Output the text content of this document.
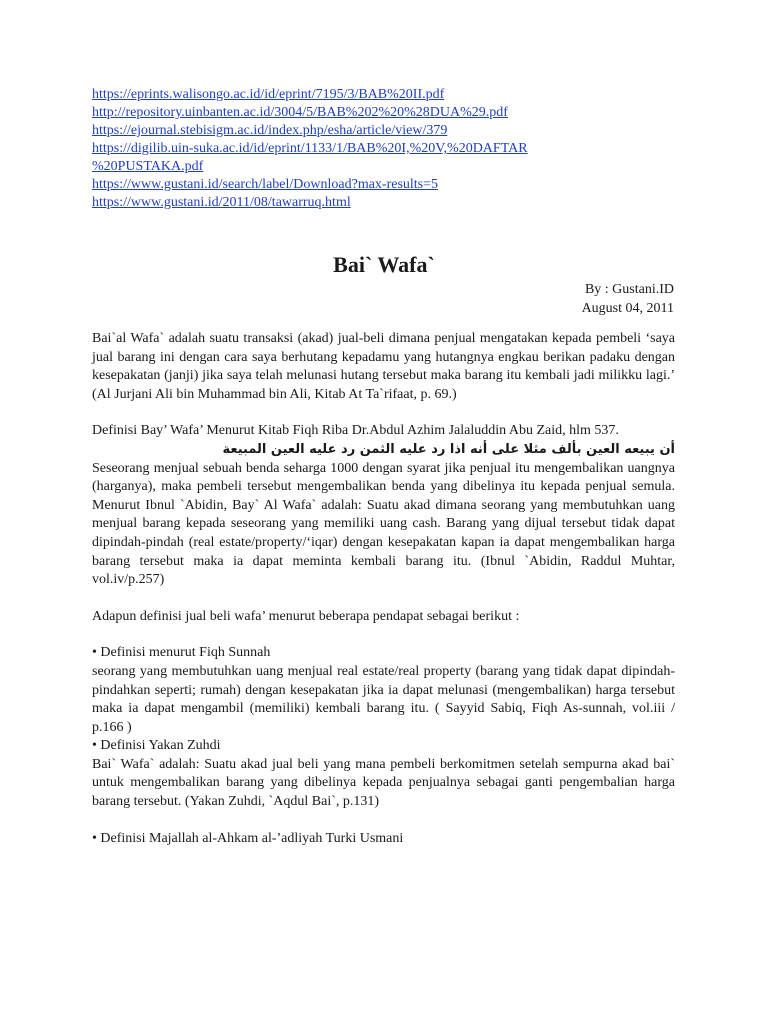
https://eprints.walisongo.ac.id/id/eprint/7195/3/BAB%20II.pdf
http://repository.uinbanten.ac.id/3004/5/BAB%202%20%28DUA%29.pdf
https://ejournal.stebisigm.ac.id/index.php/esha/article/view/379
https://digilib.uin-suka.ac.id/id/eprint/1133/1/BAB%20I,%20V,%20DAFTAR
%20PUSTAKA.pdf
https://www.gustani.id/search/label/Download?max-results=5
https://www.gustani.id/2011/08/tawarruq.html
Bai` Wafa`
By : Gustani.ID
August 04, 2011

Bai`al Wafa` adalah suatu transaksi (akad) jual-beli dimana penjual mengatakan kepada pembeli ‘saya jual barang ini dengan cara saya berhutang kepadamu yang hutangnya engkau berikan padaku dengan kesepakatan (janji) jika saya telah melunasi hutang tersebut maka barang itu kembali jadi milikku lagi.’ (Al Jurjani Ali bin Muhammad bin Ali, Kitab At Ta`rifaat, p. 69.)

Definisi Bay’ Wafa’ Menurut Kitab Fiqh Riba Dr.Abdul Azhim Jalaluddin Abu Zaid, hlm 537.

أن يبيعه العين بألف مثلا على أنه اذا رد عليه الثمن رد عليه العين المبيعة

Seseorang menjual sebuah benda seharga 1000 dengan syarat jika penjual itu mengembalikan uangnya (harganya), maka pembeli tersebut mengembalikan benda yang dibelinya itu kepada penjual semula. Menurut Ibnul `Abidin, Bay` Al Wafa` adalah: Suatu akad dimana seorang yang membutuhkan uang menjual barang kepada seseorang yang memiliki uang cash. Barang yang dijual tersebut tidak dapat dipindah-pindah (real estate/property/‘iqar) dengan kesepakatan kapan ia dapat mengembalikan harga barang tersebut maka ia dapat meminta kembali barang itu. (Ibnul `Abidin, Raddul Muhtar, vol.iv/p.257)

Adapun definisi jual beli wafa’ menurut beberapa pendapat sebagai berikut :

• Definisi menurut Fiqh Sunnah

seorang yang membutuhkan uang menjual real estate/real property (barang yang tidak dapat dipindah-pindahkan seperti; rumah) dengan kesepakatan jika ia dapat melunasi (mengembalikan) harga tersebut maka ia dapat mengambil (memiliki) kembali barang itu. ( Sayyid Sabiq, Fiqh As-sunnah, vol.iii / p.166 )

• Definisi Yakan Zuhdi

Bai` Wafa` adalah: Suatu akad jual beli yang mana pembeli berkomitmen setelah sempurna akad bai` untuk mengembalikan barang yang dibelinya kepada penjualnya sebagai ganti pengembalian harga barang tersebut. (Yakan Zuhdi, `Aqdul Bai`, p.131)

• Definisi Majallah al-Ahkam al-’adliyah Turki Usmani
